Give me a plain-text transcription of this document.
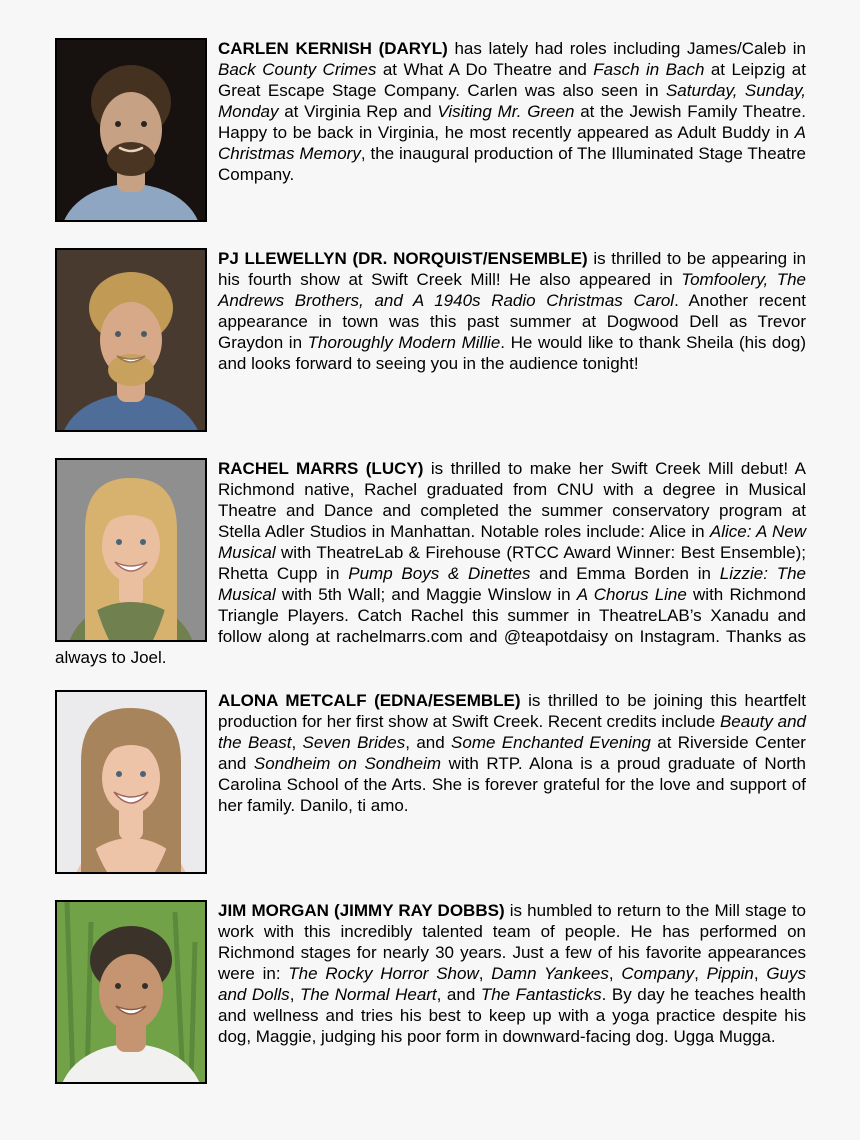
CARLEN KERNISH (DARYL) has lately had roles including James/Caleb in Back County Crimes at What A Do Theatre and Fasch in Bach at Leipzig at Great Escape Stage Company. Carlen was also seen in Saturday, Sunday, Monday at Virginia Rep and Visiting Mr. Green at the Jewish Family Theatre. Happy to be back in Virginia, he most recently appeared as Adult Buddy in A Christmas Memory, the inaugural production of The Illuminated Stage Theatre Company.

PJ LLEWELLYN (DR. NORQUIST/ENSEMBLE) is thrilled to be appearing in his fourth show at Swift Creek Mill! He also appeared in Tomfoolery, The Andrews Brothers, and A 1940s Radio Christmas Carol. Another recent appearance in town was this past summer at Dogwood Dell as Trevor Graydon in Thoroughly Modern Millie. He would like to thank Sheila (his dog) and looks forward to seeing you in the audience tonight!

RACHEL MARRS (LUCY) is thrilled to make her Swift Creek Mill debut! A Richmond native, Rachel graduated from CNU with a degree in Musical Theatre and Dance and completed the summer conservatory program at Stella Adler Studios in Manhattan. Notable roles include: Alice in Alice: A New Musical with TheatreLab & Firehouse (RTCC Award Winner: Best Ensemble); Rhetta Cupp in Pump Boys & Dinettes and Emma Borden in Lizzie: The Musical with 5th Wall; and Maggie Winslow in A Chorus Line with Richmond Triangle Players. Catch Rachel this summer in TheatreLAB’s Xanadu and follow along at rachelmarrs.com and @teapotdaisy on Instagram. Thanks as always to Joel.

ALONA METCALF (EDNA/ESEMBLE) is thrilled to be joining this heartfelt production for her first show at Swift Creek. Recent credits include Beauty and the Beast, Seven Brides, and Some Enchanted Evening at Riverside Center and Sondheim on Sondheim with RTP. Alona is a proud graduate of North Carolina School of the Arts. She is forever grateful for the love and support of her family. Danilo, ti amo.

JIM MORGAN (JIMMY RAY DOBBS) is humbled to return to the Mill stage to work with this incredibly talented team of people. He has performed on Richmond stages for nearly 30 years. Just a few of his favorite appearances were in: The Rocky Horror Show, Damn Yankees, Company, Pippin, Guys and Dolls, The Normal Heart, and The Fantasticks. By day he teaches health and wellness and tries his best to keep up with a yoga practice despite his dog, Maggie, judging his poor form in downward-facing dog. Ugga Mugga.
